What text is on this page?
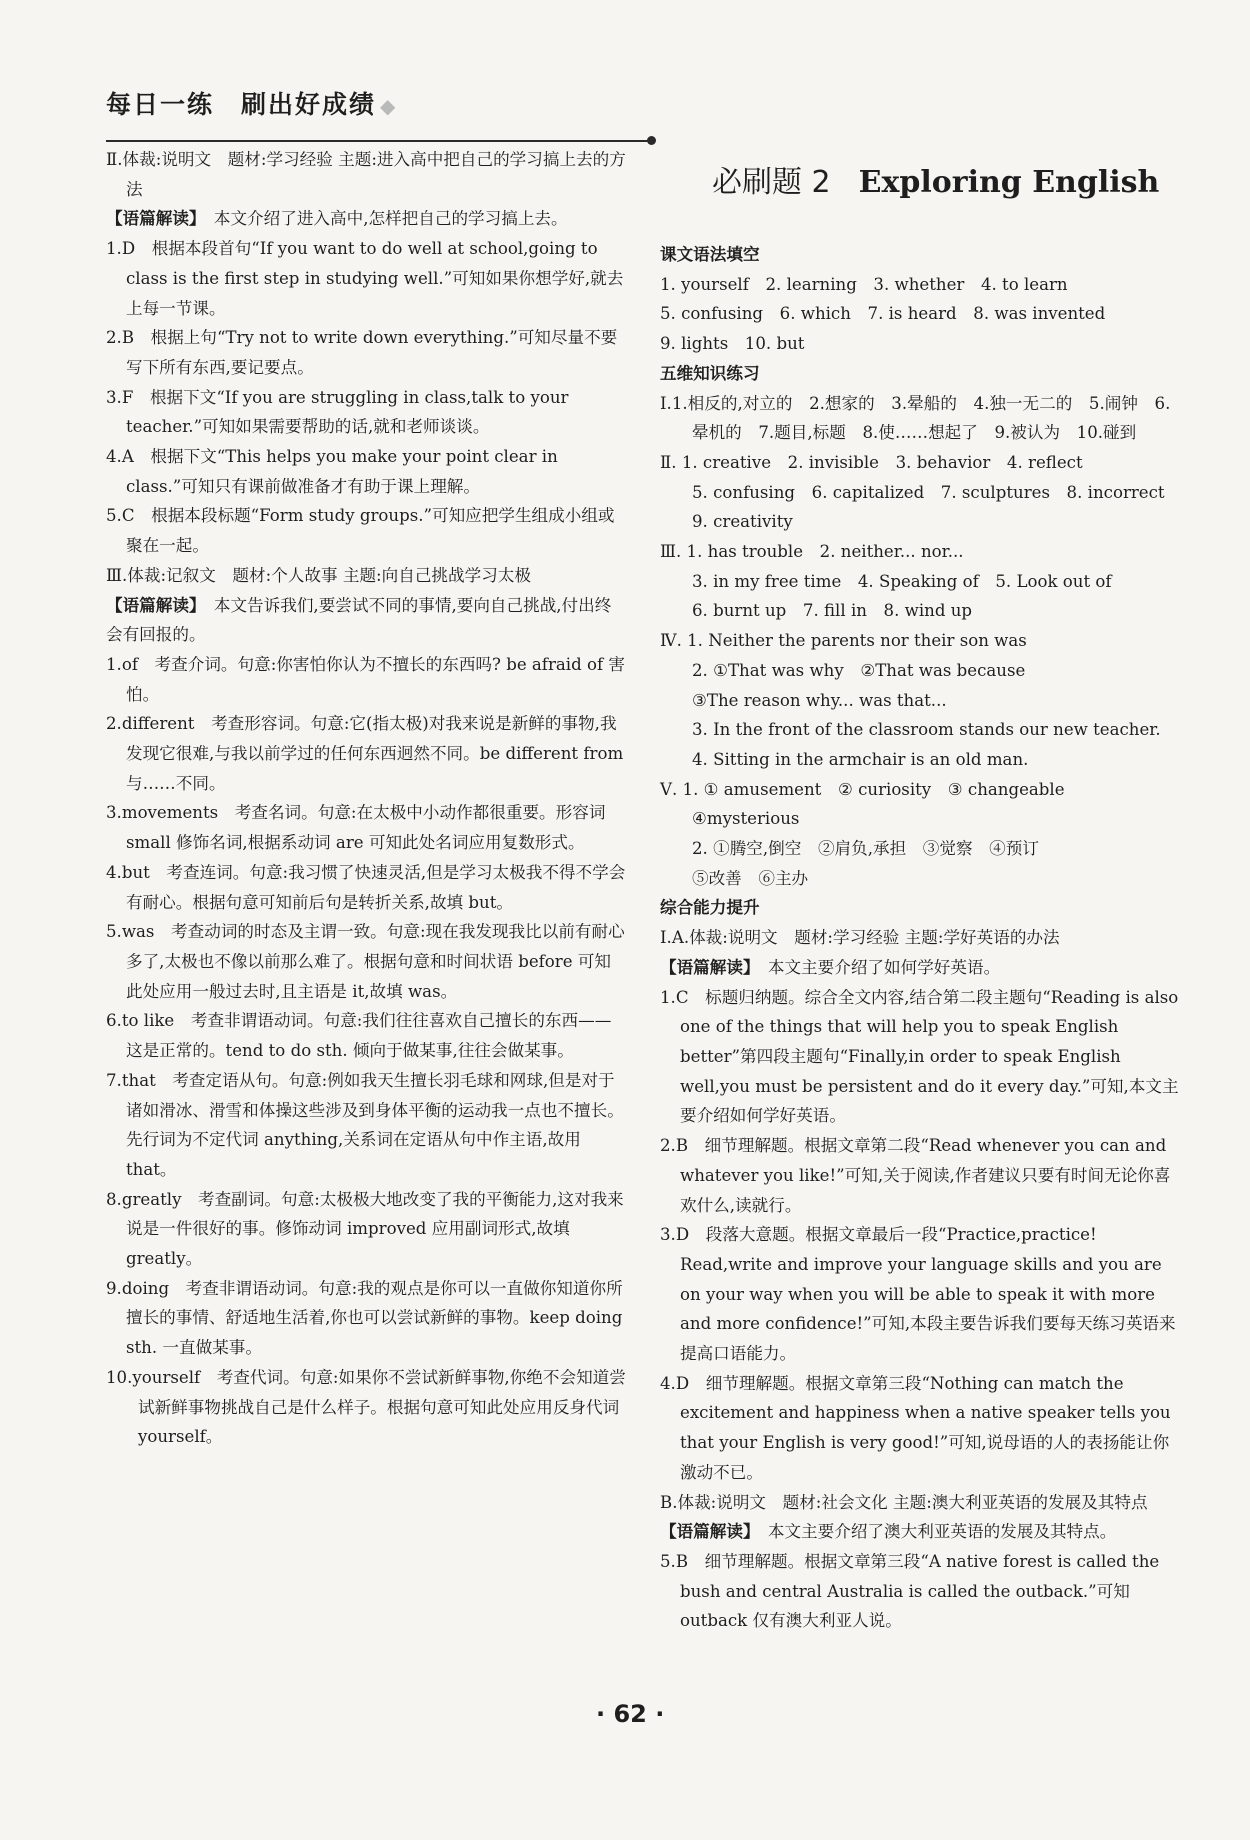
每日一练　刷出好成绩 ◆

Ⅱ.体裁:说明文　题材:学习经验 主题:进入高中把自己的学习搞上去的方法

【语篇解读】　本文介绍了进入高中,怎样把自己的学习搞上去。

1.D　根据本段首句“If you want to do well at school,going to class is the first step in studying well.”可知如果你想学好,就去上每一节课。

2.B　根据上句“Try not to write down everything.”可知尽量不要写下所有东西,要记要点。

3.F　根据下文“If you are struggling in class,talk to your teacher.”可知如果需要帮助的话,就和老师谈谈。

4.A　根据下文“This helps you make your point clear in class.”可知只有课前做准备才有助于课上理解。

5.C　根据本段标题“Form study groups.”可知应把学生组成小组或聚在一起。

Ⅲ.体裁:记叙文　题材:个人故事 主题:向自己挑战学习太极

【语篇解读】　本文告诉我们,要尝试不同的事情,要向自己挑战,付出终会有回报的。

1.of　考查介词。句意:你害怕你认为不擅长的东西吗? be afraid of 害怕。

2.different　考查形容词。句意:它(指太极)对我来说是新鲜的事物,我发现它很难,与我以前学过的任何东西迥然不同。be different from 与……不同。

3.movements　考查名词。句意:在太极中小动作都很重要。形容词 small 修饰名词,根据系动词 are 可知此处名词应用复数形式。

4.but　考查连词。句意:我习惯了快速灵活,但是学习太极我不得不学会有耐心。根据句意可知前后句是转折关系,故填 but。

5.was　考查动词的时态及主谓一致。句意:现在我发现我比以前有耐心多了,太极也不像以前那么难了。根据句意和时间状语 before 可知此处应用一般过去时,且主语是 it,故填 was。

6.to like　考查非谓语动词。句意:我们往往喜欢自己擅长的东西——这是正常的。tend to do sth. 倾向于做某事,往往会做某事。

7.that　考查定语从句。句意:例如我天生擅长羽毛球和网球,但是对于诸如滑冰、滑雪和体操这些涉及到身体平衡的运动我一点也不擅长。先行词为不定代词 anything,关系词在定语从句中作主语,故用 that。

8.greatly　考查副词。句意:太极极大地改变了我的平衡能力,这对我来说是一件很好的事。修饰动词 improved 应用副词形式,故填 greatly。

9.doing　考查非谓语动词。句意:我的观点是你可以一直做你知道你所擅长的事情、舒适地生活着,你也可以尝试新鲜的事物。keep doing sth. 一直做某事。

10.yourself　考查代词。句意:如果你不尝试新鲜事物,你绝不会知道尝试新鲜事物挑战自己是什么样子。根据句意可知此处应用反身代词 yourself。

必刷题 2 Exploring English

课文语法填空

1. yourself　2. learning　3. whether　4. to learn

5. confusing　6. which　7. is heard　8. was invented

9. lights　10. but

五维知识练习

Ⅰ.1.相反的,对立的　2.想家的　3.晕船的　4.独一无二的　5.闹钟　6.晕机的　7.题目,标题　8.使……想起了　9.被认为　10.碰到

Ⅱ. 1. creative　2. invisible　3. behavior　4. reflect

5. confusing　6. capitalized　7. sculptures　8. incorrect

9. creativity

Ⅲ. 1. has trouble　2. neither... nor...

3. in my free time　4. Speaking of　5. Look out of

6. burnt up　7. fill in　8. wind up

Ⅳ. 1. Neither the parents nor their son was

2. ①That was why　②That was because

③The reason why... was that...

3. In the front of the classroom stands our new teacher.

4. Sitting in the armchair is an old man.

Ⅴ. 1. ① amusement　② curiosity　③ changeable

④mysterious

2. ①腾空,倒空　②肩负,承担　③觉察　④预订

⑤改善　⑥主办

综合能力提升

Ⅰ.A.体裁:说明文　题材:学习经验 主题:学好英语的办法

【语篇解读】　本文主要介绍了如何学好英语。

1.C　标题归纳题。综合全文内容,结合第二段主题句“Reading is also one of the things that will help you to speak English better”第四段主题句“Finally,in order to speak English well,you must be persistent and do it every day.”可知,本文主要介绍如何学好英语。

2.B　细节理解题。根据文章第二段“Read whenever you can and whatever you like!”可知,关于阅读,作者建议只要有时间无论你喜欢什么,读就行。

3.D　段落大意题。根据文章最后一段“Practice,practice! Read,write and improve your language skills and you are on your way when you will be able to speak it with more and more confidence!”可知,本段主要告诉我们要每天练习英语来提高口语能力。

4.D　细节理解题。根据文章第三段“Nothing can match the excitement and happiness when a native speaker tells you that your English is very good!”可知,说母语的人的表扬能让你激动不已。

B.体裁:说明文　题材:社会文化 主题:澳大利亚英语的发展及其特点

【语篇解读】　本文主要介绍了澳大利亚英语的发展及其特点。

5.B　细节理解题。根据文章第三段“A native forest is called the bush and central Australia is called the outback.”可知 outback 仅有澳大利亚人说。

· 62 ·
